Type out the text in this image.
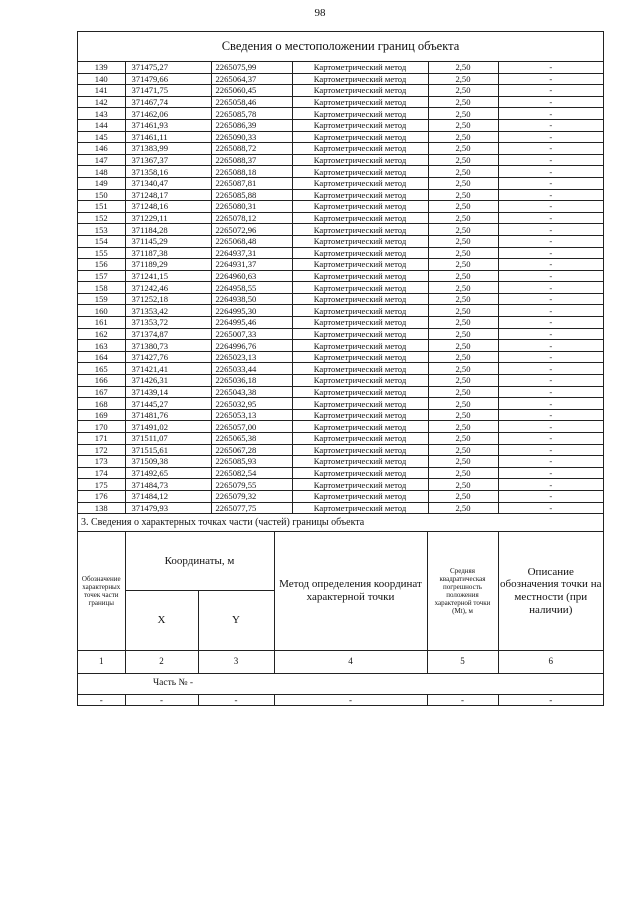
98
Сведения о местоположении границ объекта
139	371475,27	2265075,99	Картометрический метод	2,50	-
140	371479,66	2265064,37	Картометрический метод	2,50	-
141	371471,75	2265060,45	Картометрический метод	2,50	-
142	371467,74	2265058,46	Картометрический метод	2,50	-
143	371462,06	2265085,78	Картометрический метод	2,50	-
144	371461,93	2265086,39	Картометрический метод	2,50	-
145	371461,11	2265090,33	Картометрический метод	2,50	-
146	371383,99	2265088,72	Картометрический метод	2,50	-
147	371367,37	2265088,37	Картометрический метод	2,50	-
148	371358,16	2265088,18	Картометрический метод	2,50	-
149	371340,47	2265087,81	Картометрический метод	2,50	-
150	371248,17	2265085,88	Картометрический метод	2,50	-
151	371248,16	2265080,31	Картометрический метод	2,50	-
152	371229,11	2265078,12	Картометрический метод	2,50	-
153	371184,28	2265072,96	Картометрический метод	2,50	-
154	371145,29	2265068,48	Картометрический метод	2,50	-
155	371187,38	2264937,31	Картометрический метод	2,50	-
156	371189,29	2264931,37	Картометрический метод	2,50	-
157	371241,15	2264960,63	Картометрический метод	2,50	-
158	371242,46	2264958,55	Картометрический метод	2,50	-
159	371252,18	2264938,50	Картометрический метод	2,50	-
160	371353,42	2264995,30	Картометрический метод	2,50	-
161	371353,72	2264995,46	Картометрический метод	2,50	-
162	371374,87	2265007,33	Картометрический метод	2,50	-
163	371380,73	2264996,76	Картометрический метод	2,50	-
164	371427,76	2265023,13	Картометрический метод	2,50	-
165	371421,41	2265033,44	Картометрический метод	2,50	-
166	371426,31	2265036,18	Картометрический метод	2,50	-
167	371439,14	2265043,38	Картометрический метод	2,50	-
168	371445,27	2265032,95	Картометрический метод	2,50	-
169	371481,76	2265053,13	Картометрический метод	2,50	-
170	371491,02	2265057,00	Картометрический метод	2,50	-
171	371511,07	2265065,38	Картометрический метод	2,50	-
172	371515,61	2265067,28	Картометрический метод	2,50	-
173	371509,38	2265085,93	Картометрический метод	2,50	-
174	371492,65	2265082,54	Картометрический метод	2,50	-
175	371484,73	2265079,55	Картометрический метод	2,50	-
176	371484,12	2265079,32	Картометрический метод	2,50	-
138	371479,93	2265077,75	Картометрический метод	2,50	-
3. Сведения о характерных точках части (частей) границы объекта
Обозначение характерных точек части границы	Координаты, м		Метод определения координат характерной точки	Средняя квадратическая погрешность положения характерной точки (Mt), м	Описание обозначения точки на местности (при наличии)
	X	Y			
1	2	3	4	5	6
Часть № -					
-	-	-	-	-	-
